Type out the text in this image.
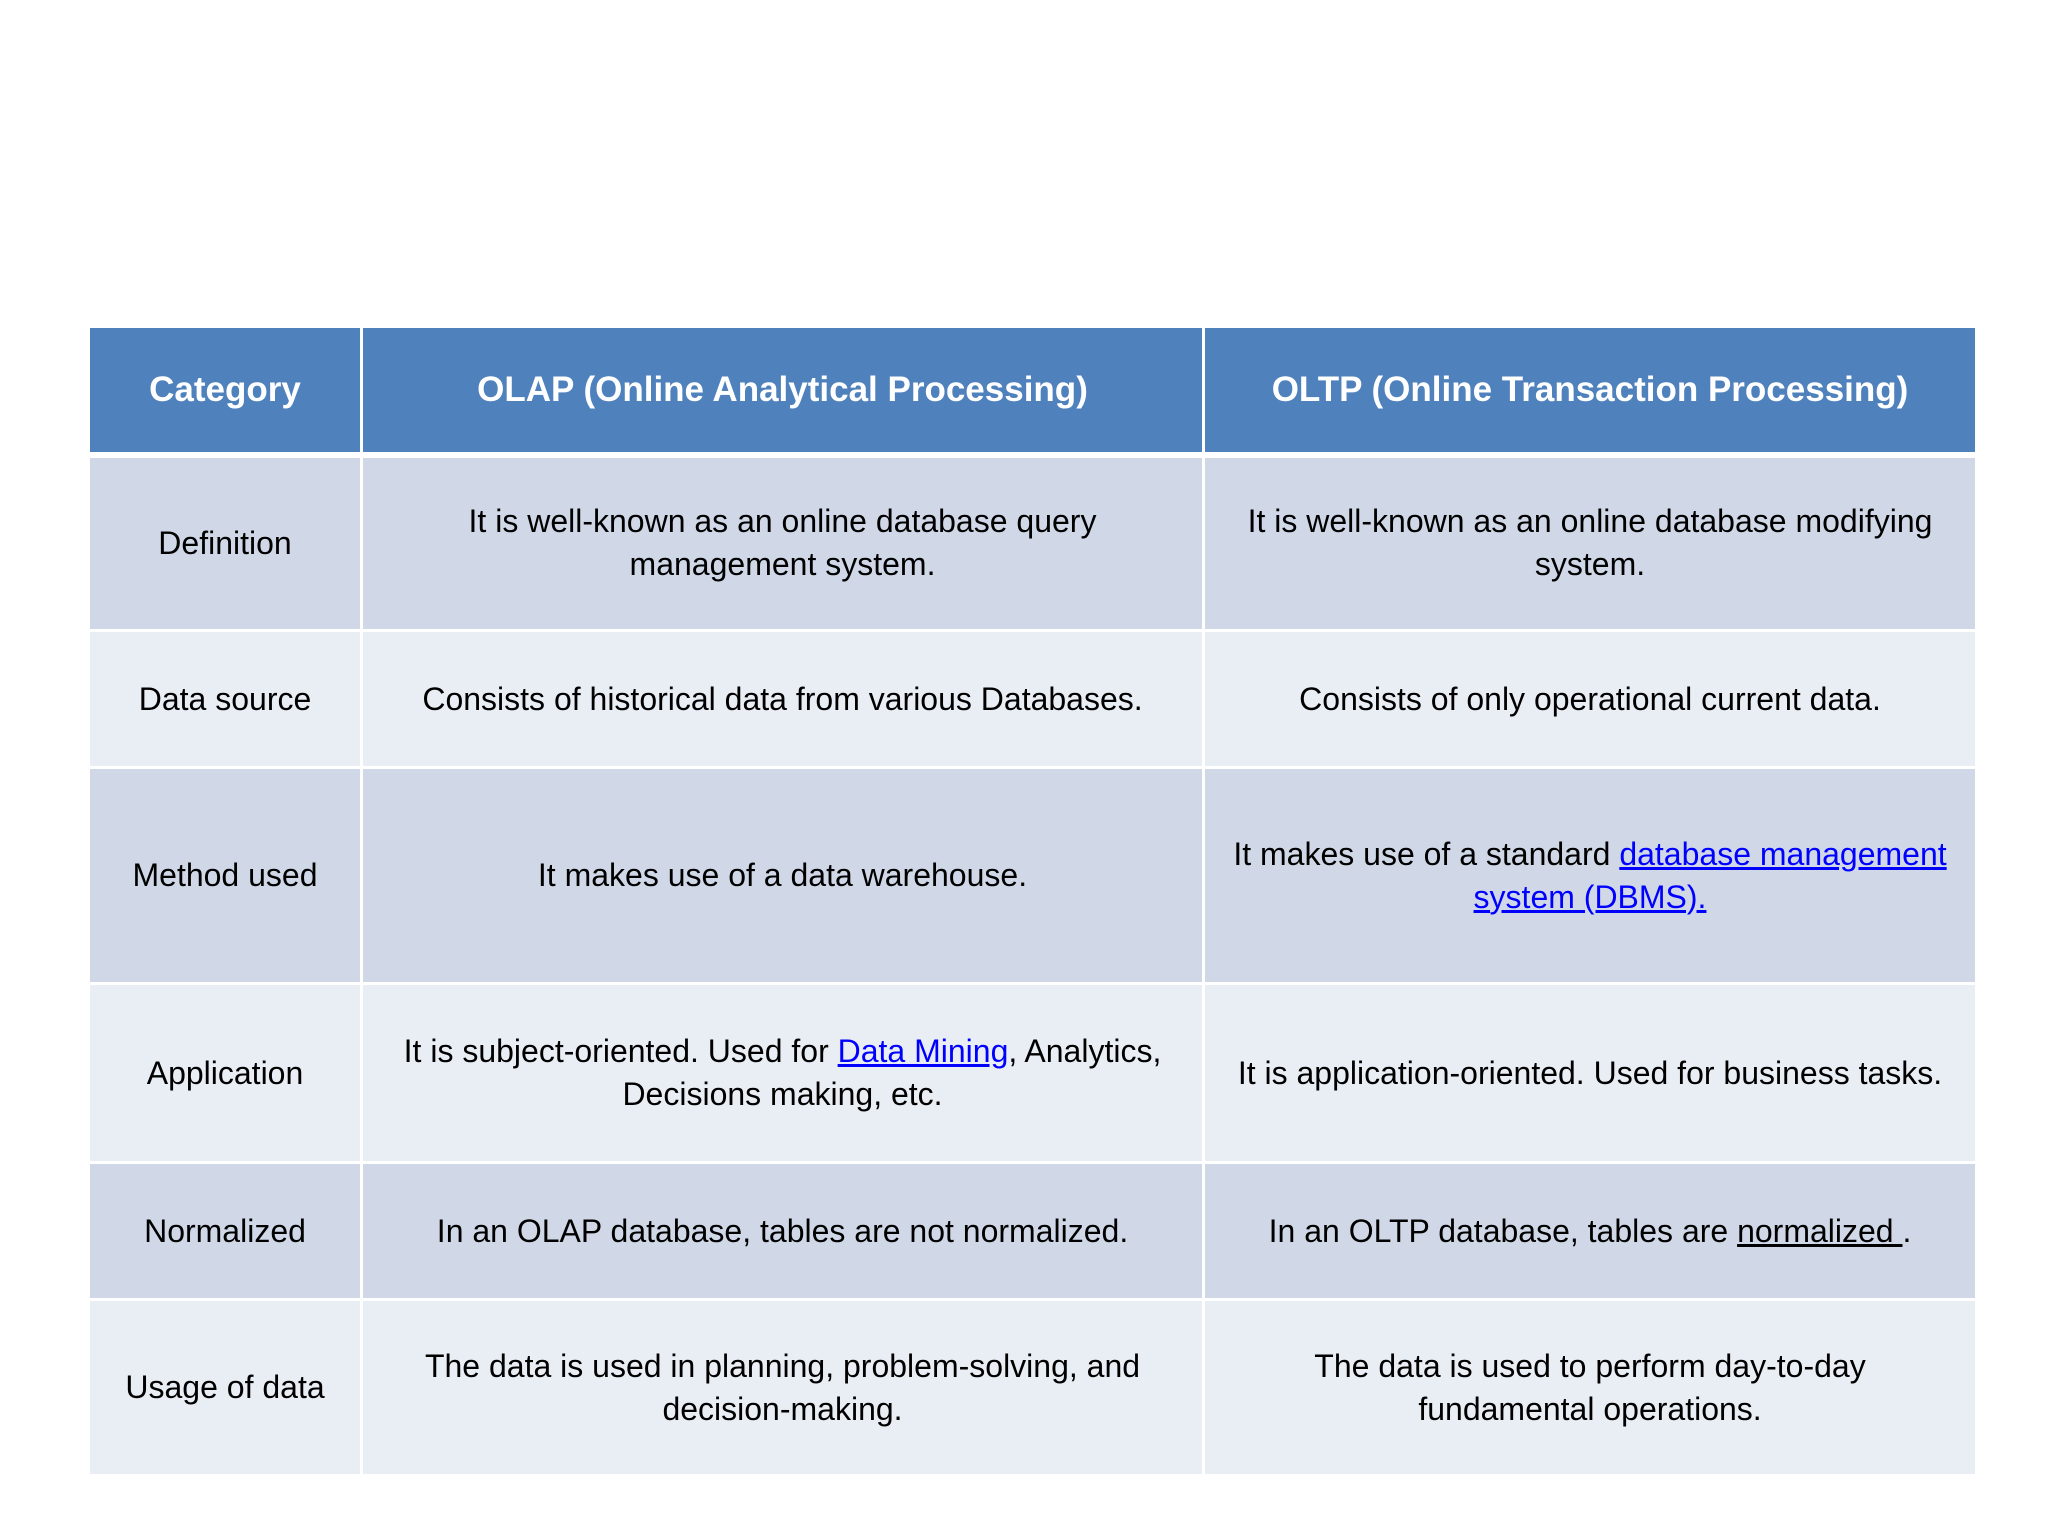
Category	OLAP (Online Analytical Processing)	OLTP (Online Transaction Processing)
Definition	It is well-known as an online database query management system.	It is well-known as an online database modifying system.
Data source	Consists of historical data from various Databases.	Consists of only operational current data.
Method used	It makes use of a data warehouse.	It makes use of a standard database management system (DBMS).
Application	It is subject-oriented. Used for Data Mining, Analytics, Decisions making, etc.	It is application-oriented. Used for business tasks.
Normalized	In an OLAP database, tables are not normalized.	In an OLTP database, tables are normalized .
Usage of data	The data is used in planning, problem-solving, and decision-making.	The data is used to perform day-to-day fundamental operations.
